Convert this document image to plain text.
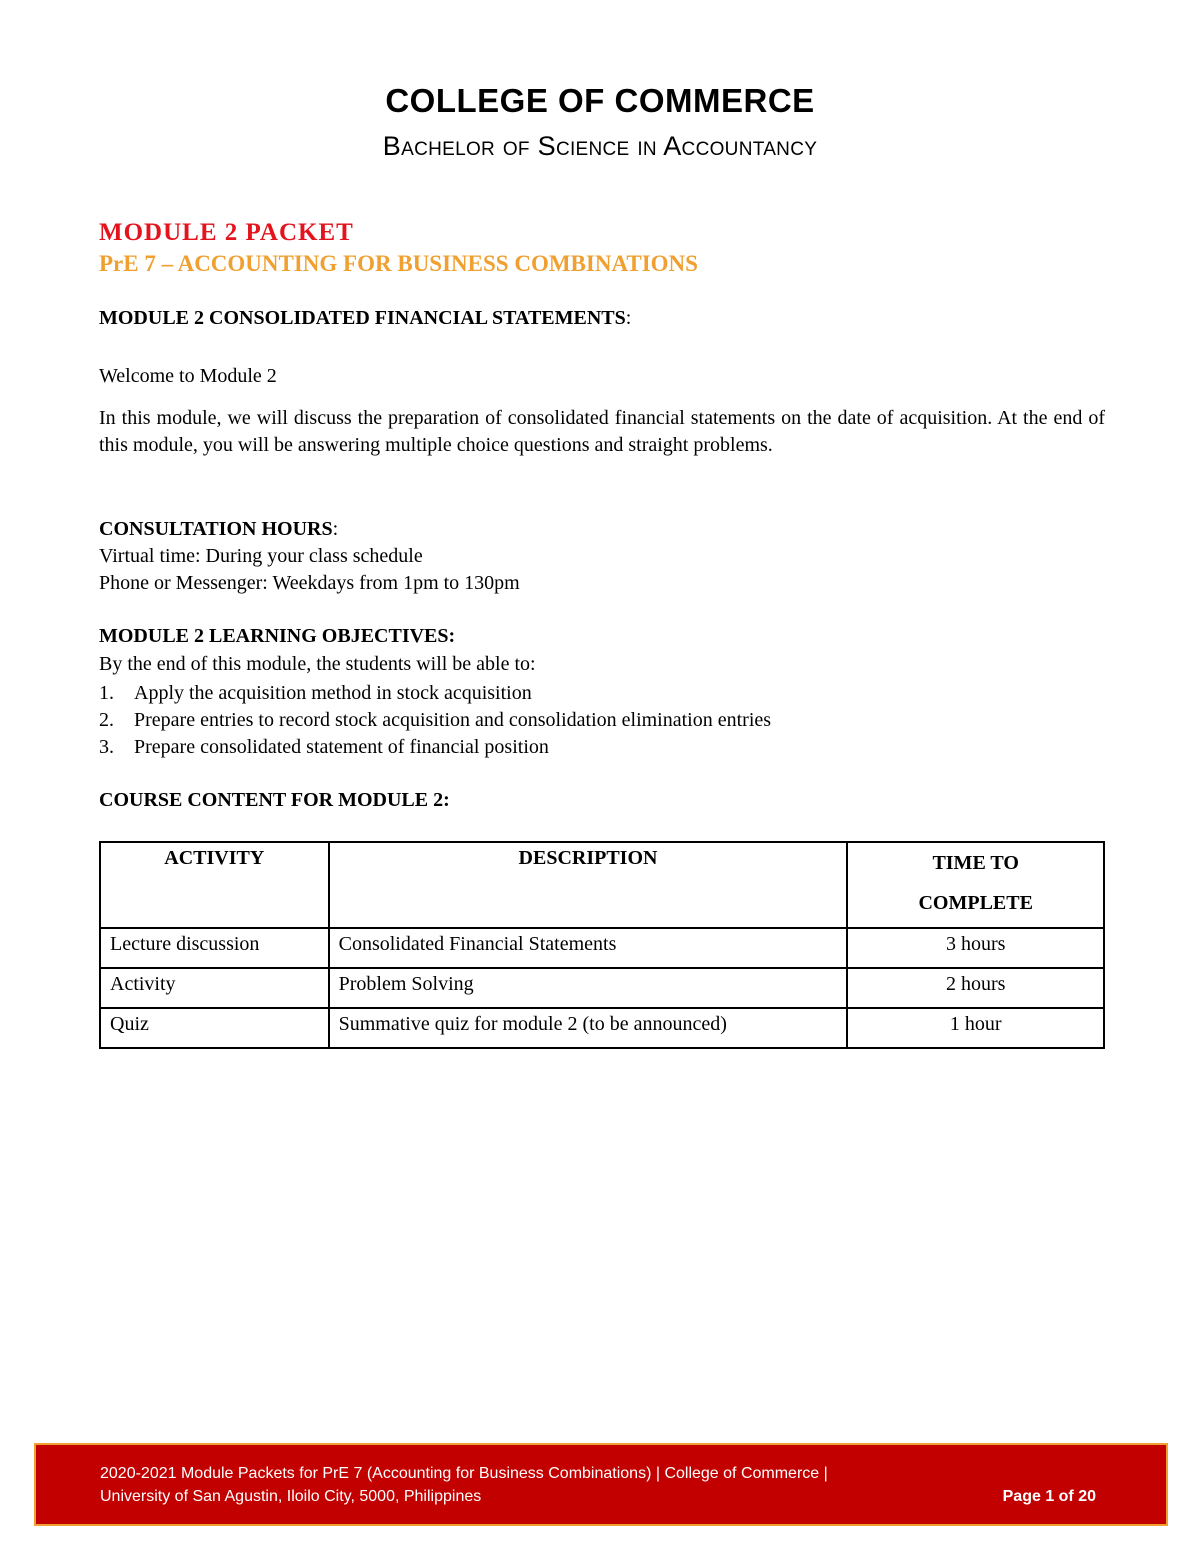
COLLEGE OF COMMERCE
Bachelor of Science in Accountancy
MODULE 2 PACKET
PrE 7 – ACCOUNTING FOR BUSINESS COMBINATIONS
MODULE 2 CONSOLIDATED FINANCIAL STATEMENTS:
Welcome to Module 2
In this module, we will discuss the preparation of consolidated financial statements on the date of acquisition. At the end of this module, you will be answering multiple choice questions and straight problems.
CONSULTATION HOURS:
Virtual time: During your class schedule
Phone or Messenger: Weekdays from 1pm to 130pm
MODULE 2 LEARNING OBJECTIVES:
By the end of this module, the students will be able to:
1. Apply the acquisition method in stock acquisition
2. Prepare entries to record stock acquisition and consolidation elimination entries
3. Prepare consolidated statement of financial position
COURSE CONTENT FOR MODULE 2:
ACTIVITY	DESCRIPTION	TIME TO
COMPLETE

Lecture discussion	Consolidated Financial Statements	3 hours
Activity	Problem Solving	2 hours
Quiz	Summative quiz for module 2 (to be announced)	1 hour
2020-2021 Module Packets for PrE 7 (Accounting for Business Combinations) | College of Commerce |
University of San Agustin, Iloilo City, 5000, Philippines	Page 1 of 20
